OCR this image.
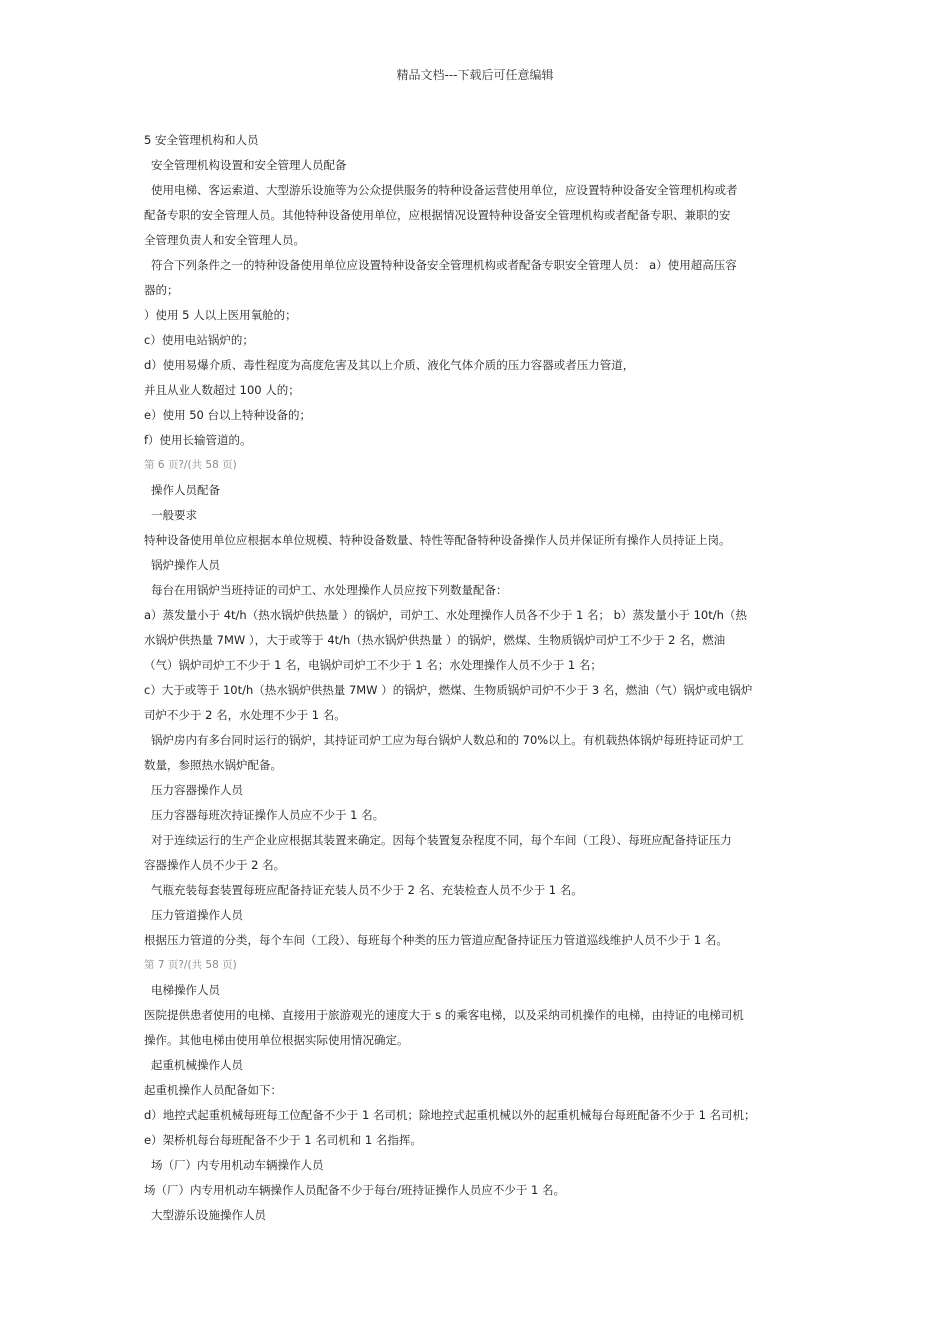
精品文档---下载后可任意编辑
5 安全管理机构和人员
安全管理机构设置和安全管理人员配备
使用电梯、客运索道、大型游乐设施等为公众提供服务的特种设备运营使用单位，应设置特种设备安全管理机构或者
配备专职的安全管理人员。其他特种设备使用单位，应根据情况设置特种设备安全管理机构或者配备专职、兼职的安
全管理负责人和安全管理人员。
符合下列条件之一的特种设备使用单位应设置特种设备安全管理机构或者配备专职安全管理人员： a）使用超高压容
器的；
）使用 5 人以上医用氧舱的；
c）使用电站锅炉的；
d）使用易爆介质、毒性程度为高度危害及其以上介质、液化气体介质的压力容器或者压力管道，
并且从业人数超过 100 人的；
e）使用 50 台以上特种设备的；
f）使用长输管道的。
第 6 页?/(共 58 页)
操作人员配备
一般要求
特种设备使用单位应根据本单位规模、特种设备数量、特性等配备特种设备操作人员并保证所有操作人员持证上岗。
锅炉操作人员
每台在用锅炉当班持证的司炉工、水处理操作人员应按下列数量配备：
a）蒸发量小于 4t/h（热水锅炉供热量 ）的锅炉，司炉工、水处理操作人员各不少于 1 名； b）蒸发量小于 10t/h（热
水锅炉供热量 7MW ），大于或等于 4t/h（热水锅炉供热量 ）的锅炉，燃煤、生物质锅炉司炉工不少于 2 名，燃油
（气）锅炉司炉工不少于 1 名，电锅炉司炉工不少于 1 名；水处理操作人员不少于 1 名；
c）大于或等于 10t/h（热水锅炉供热量 7MW ）的锅炉，燃煤、生物质锅炉司炉不少于 3 名，燃油（气）锅炉或电锅炉
司炉不少于 2 名，水处理不少于 1 名。
锅炉房内有多台同时运行的锅炉，其持证司炉工应为每台锅炉人数总和的 70%以上。有机载热体锅炉每班持证司炉工
数量，参照热水锅炉配备。
压力容器操作人员
压力容器每班次持证操作人员应不少于 1 名。
对于连续运行的生产企业应根据其装置来确定。因每个装置复杂程度不同，每个车间（工段）、每班应配备持证压力
容器操作人员不少于 2 名。
气瓶充装每套装置每班应配备持证充装人员不少于 2 名、充装检查人员不少于 1 名。
压力管道操作人员
根据压力管道的分类，每个车间（工段）、每班每个种类的压力管道应配备持证压力管道巡线维护人员不少于 1 名。
第 7 页?/(共 58 页)
电梯操作人员
医院提供患者使用的电梯、直接用于旅游观光的速度大于 s 的乘客电梯，以及采纳司机操作的电梯，由持证的电梯司机
操作。其他电梯由使用单位根据实际使用情况确定。
起重机械操作人员
起重机操作人员配备如下：
d）地控式起重机械每班每工位配备不少于 1 名司机；除地控式起重机械以外的起重机械每台每班配备不少于 1 名司机；
e）架桥机每台每班配备不少于 1 名司机和 1 名指挥。
场（厂）内专用机动车辆操作人员
场（厂）内专用机动车辆操作人员配备不少于每台/班持证操作人员应不少于 1 名。
大型游乐设施操作人员
